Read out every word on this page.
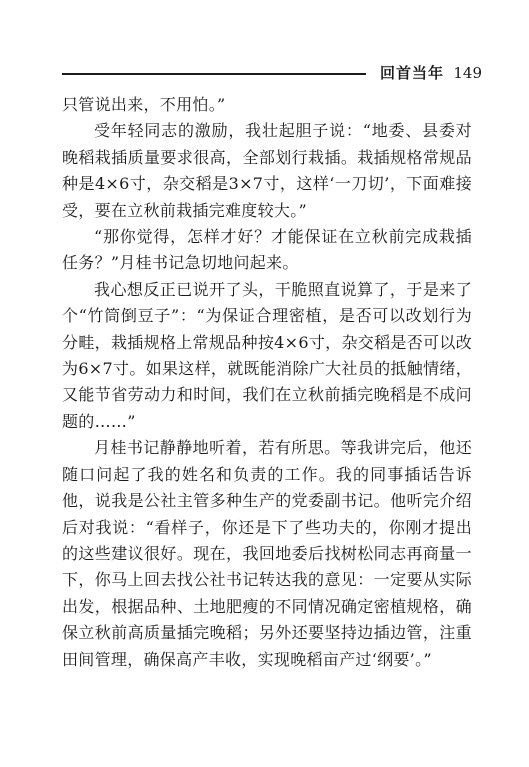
回首当年 149

只管说出来，不用怕。”

受年轻同志的激励，我壮起胆子说：“地委、县委对晚稻栽插质量要求很高，全部划行栽插。栽插规格常规品种是4×6寸，杂交稻是3×7寸，这样‘一刀切’，下面难接受，要在立秋前栽插完难度较大。”

“那你觉得，怎样才好？才能保证在立秋前完成栽插任务？”月桂书记急切地问起来。

我心想反正已说开了头，干脆照直说算了，于是来了个“竹筒倒豆子”：“为保证合理密植，是否可以改划行为分畦，栽插规格上常规品种按4×6寸，杂交稻是否可以改为6×7寸。如果这样，就既能消除广大社员的抵触情绪，又能节省劳动力和时间，我们在立秋前插完晚稻是不成问题的……”

月桂书记静静地听着，若有所思。等我讲完后，他还随口问起了我的姓名和负责的工作。我的同事插话告诉他，说我是公社主管多种生产的党委副书记。他听完介绍后对我说：“看样子，你还是下了些功夫的，你刚才提出的这些建议很好。现在，我回地委后找树松同志再商量一下，你马上回去找公社书记转达我的意见：一定要从实际出发，根据品种、土地肥瘦的不同情况确定密植规格，确保立秋前高质量插完晚稻；另外还要坚持边插边管，注重田间管理，确保高产丰收，实现晚稻亩产过‘纲要’。”
